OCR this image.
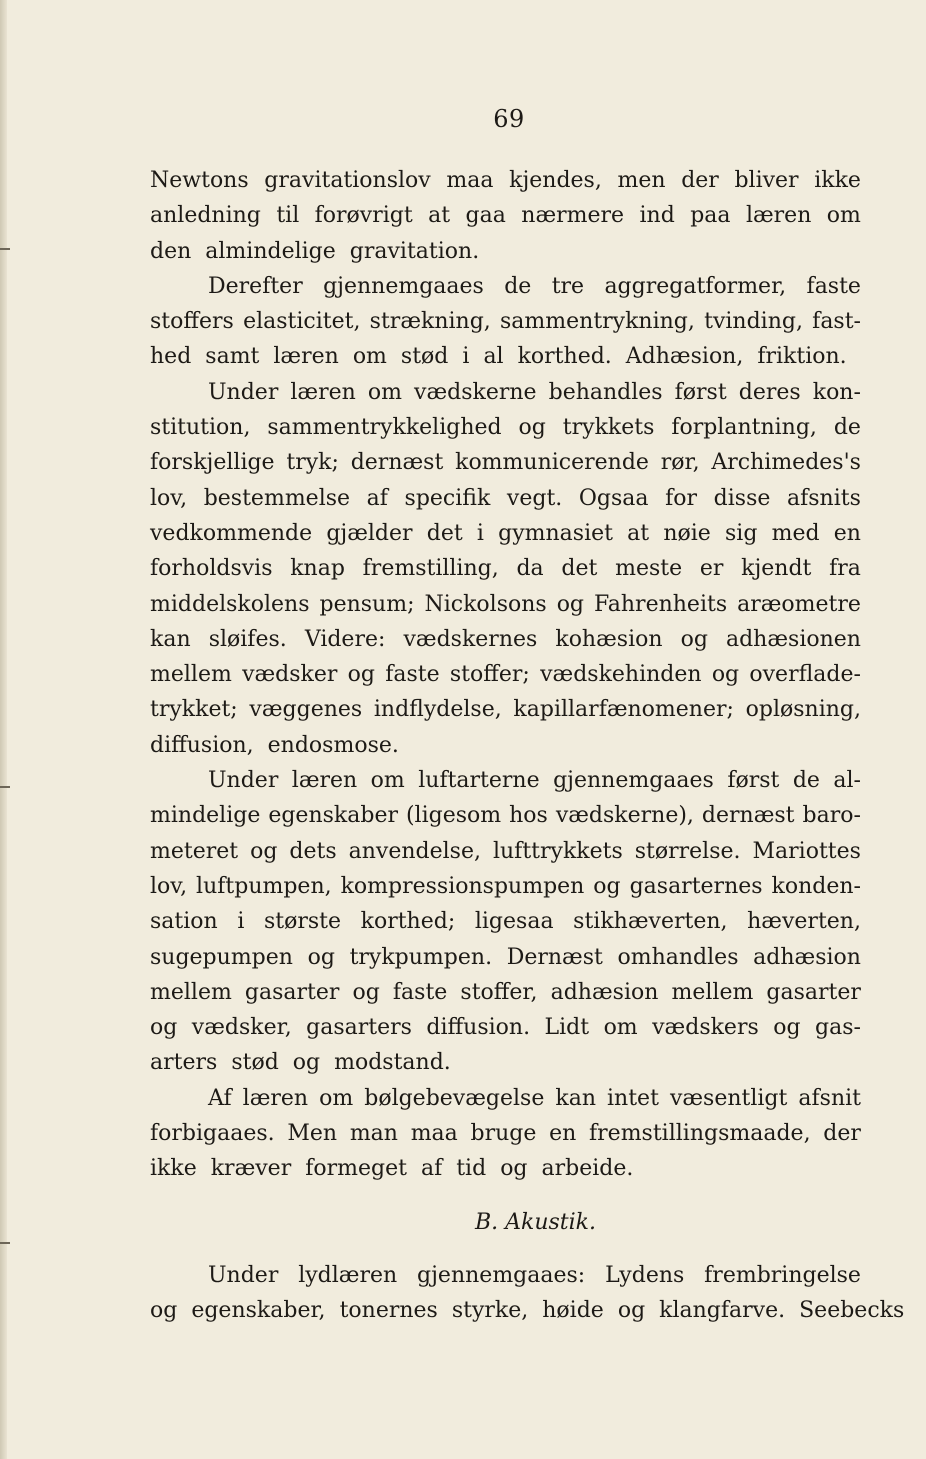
69
Newtons gravitationslov maa kjendes, men der bliver ikke
anledning til forøvrigt at gaa nærmere ind paa læren om
den almindelige gravitation.
Derefter gjennemgaaes de tre aggregatformer, faste
stoffers elasticitet, strækning, sammentrykning, tvinding, fast-
hed samt læren om stød i al korthed. Adhæsion, friktion.
Under læren om vædskerne behandles først deres kon-
stitution, sammentrykkelighed og trykkets forplantning, de
forskjellige tryk; dernæst kommunicerende rør, Archimedes's
lov, bestemmelse af specifik vegt. Ogsaa for disse afsnits
vedkommende gjælder det i gymnasiet at nøie sig med en
forholdsvis knap fremstilling, da det meste er kjendt fra
middelskolens pensum; Nickolsons og Fahrenheits aræometre
kan sløifes. Videre: vædskernes kohæsion og adhæsionen
mellem vædsker og faste stoffer; vædskehinden og overflade-
trykket; væggenes indflydelse, kapillarfænomener; opløsning,
diffusion, endosmose.
Under læren om luftarterne gjennemgaaes først de al-
mindelige egenskaber (ligesom hos vædskerne), dernæst baro-
meteret og dets anvendelse, lufttrykkets størrelse. Mariottes
lov, luftpumpen, kompressionspumpen og gasarternes konden-
sation i største korthed; ligesaa stikhæverten, hæverten,
sugepumpen og trykpumpen. Dernæst omhandles adhæsion
mellem gasarter og faste stoffer, adhæsion mellem gasarter
og vædsker, gasarters diffusion. Lidt om vædskers og gas-
arters stød og modstand.
Af læren om bølgebevægelse kan intet væsentligt afsnit
forbigaaes. Men man maa bruge en fremstillingsmaade, der
ikke kræver formeget af tid og arbeide.
B. Akustik.
Under lydlæren gjennemgaaes: Lydens frembringelse
og egenskaber, tonernes styrke, høide og klangfarve. Seebecks
